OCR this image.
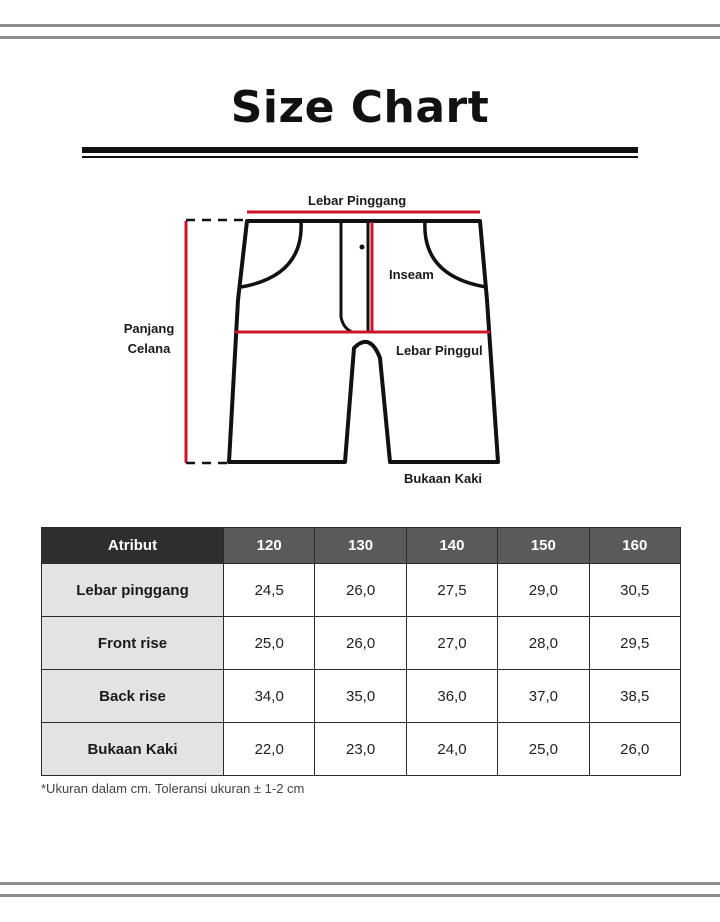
Size Chart
Lebar Pinggang
Panjang
Celana
Inseam
Lebar Pinggul
Bukaan Kaki
Atribut	120	130	140	150	160
Lebar pinggang	24,5	26,0	27,5	29,0	30,5
Front rise	25,0	26,0	27,0	28,0	29,5
Back rise	34,0	35,0	36,0	37,0	38,5
Bukaan Kaki	22,0	23,0	24,0	25,0	26,0
*Ukuran dalam cm. Toleransi ukuran ± 1-2 cm
